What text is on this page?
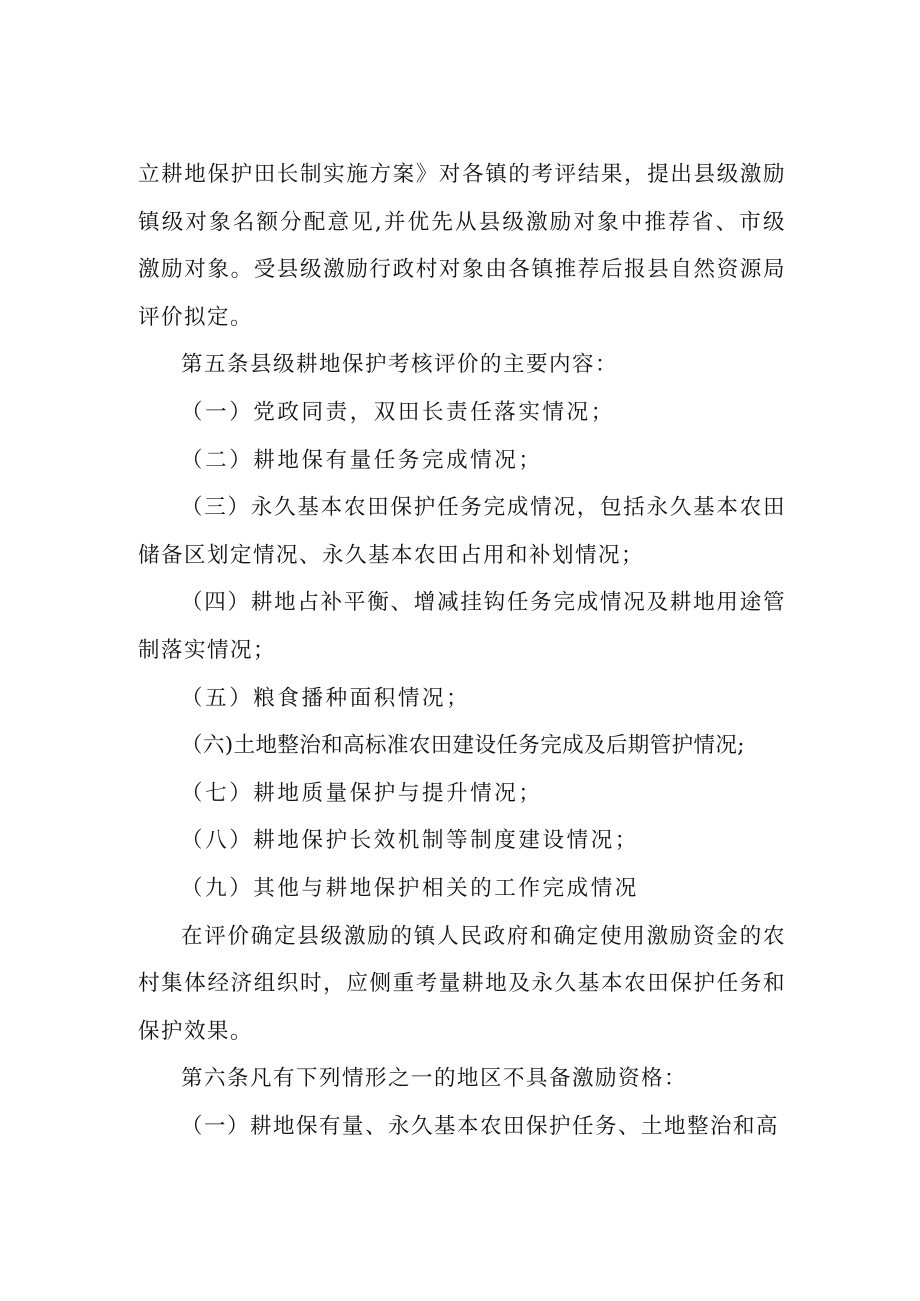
立耕地保护田长制实施方案》对各镇的考评结果，提出县级激励镇级对象名额分配意见,并优先从县级激励对象中推荐省、市级激励对象。受县级激励行政村对象由各镇推荐后报县自然资源局评价拟定。

第五条县级耕地保护考核评价的主要内容：

（一）党政同责，双田长责任落实情况；

（二）耕地保有量任务完成情况；

（三）永久基本农田保护任务完成情况，包括永久基本农田储备区划定情况、永久基本农田占用和补划情况；

（四）耕地占补平衡、增减挂钩任务完成情况及耕地用途管制落实情况；

（五）粮食播种面积情况；

（六)土地整治和高标准农田建设任务完成及后期管护情况;

（七）耕地质量保护与提升情况；

（八）耕地保护长效机制等制度建设情况；

（九）其他与耕地保护相关的工作完成情况

在评价确定县级激励的镇人民政府和确定使用激励资金的农村集体经济组织时，应侧重考量耕地及永久基本农田保护任务和保护效果。

第六条凡有下列情形之一的地区不具备激励资格：

（一）耕地保有量、永久基本农田保护任务、土地整治和高
